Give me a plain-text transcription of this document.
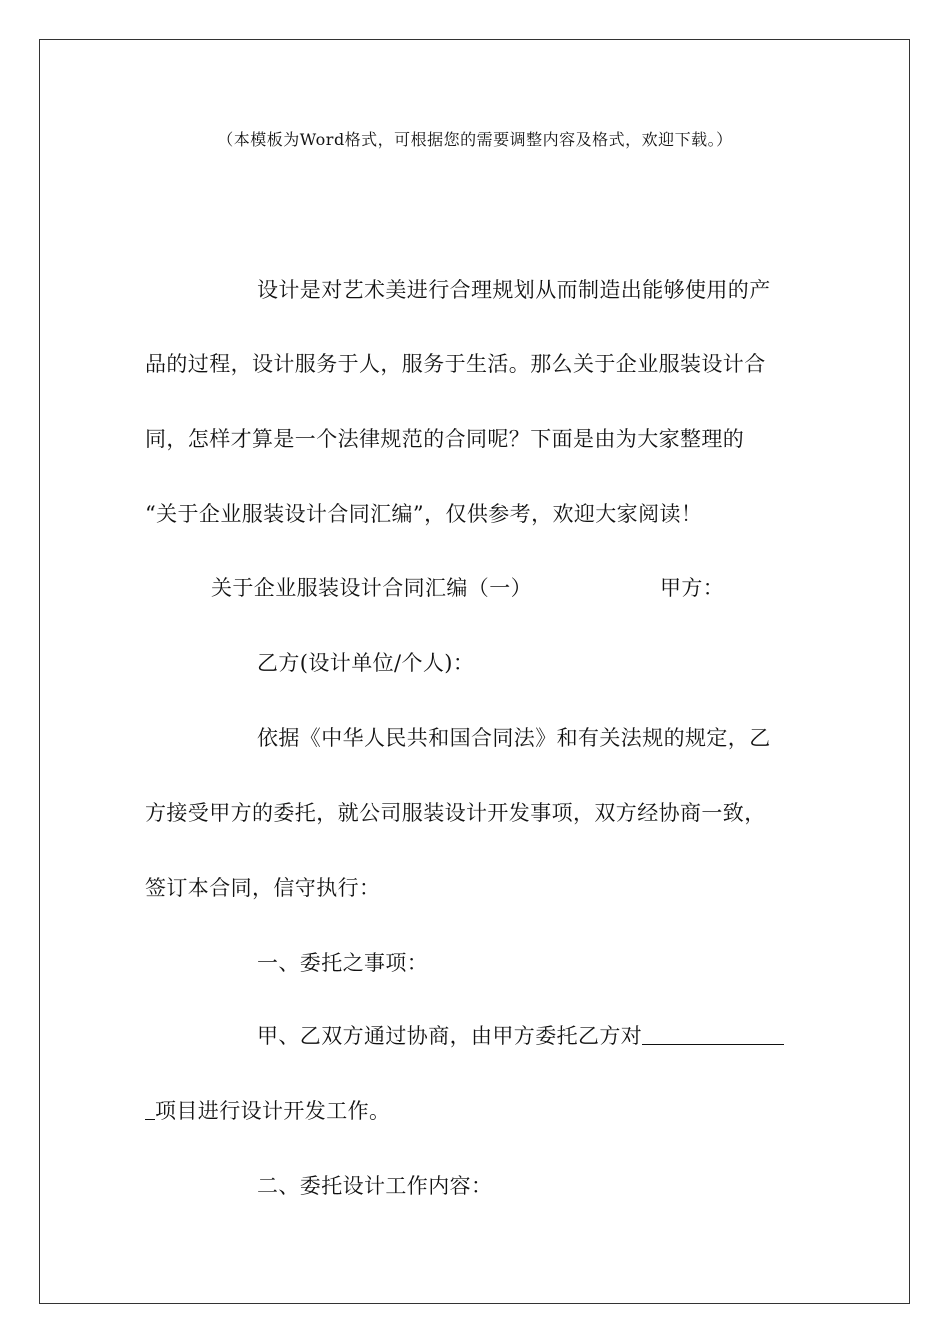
（本模板为Word格式，可根据您的需要调整内容及格式，欢迎下载。）
设计是对艺术美进行合理规划从而制造出能够使用的产
品的过程，设计服务于人，服务于生活。那么关于企业服装设计合
同，怎样才算是一个法律规范的合同呢？下面是由为大家整理的
“关于企业服装设计合同汇编”，仅供参考，欢迎大家阅读！
关于企业服装设计合同汇编（一）	甲方：
乙方(设计单位/个人)：
依据《中华人民共和国合同法》和有关法规的规定，乙
方接受甲方的委托，就公司服装设计开发事项，双方经协商一致，
签订本合同，信守执行：
一、委托之事项：
甲、乙双方通过协商，由甲方委托乙方对
项目进行设计开发工作。
二、委托设计工作内容：
